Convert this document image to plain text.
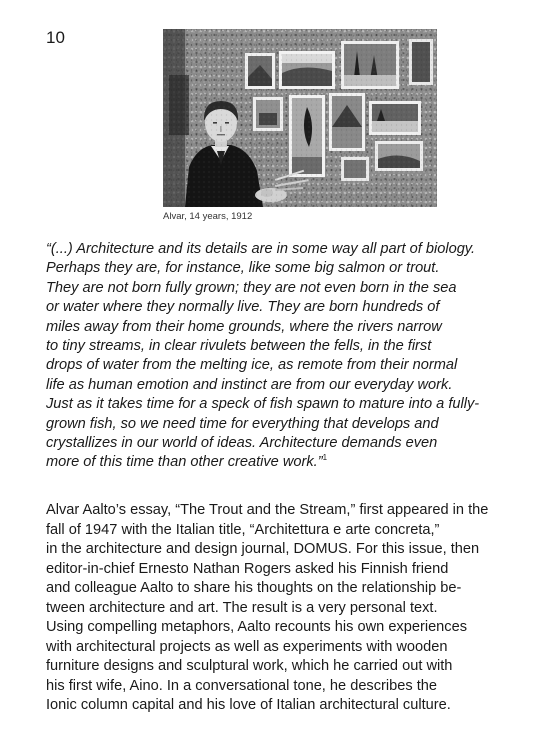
10
Alvar, 14 years, 1912

“(...) Architecture and its details are in some way all part of biology.
Perhaps they are, for instance, like some big salmon or trout.
They are not born fully grown; they are not even born in the sea
or water where they normally live. They are born hundreds of
miles away from their home grounds, where the rivers narrow
to tiny streams, in clear rivulets between the fells, in the first
drops of water from the melting ice, as remote from their normal
life as human emotion and instinct are from our everyday work.
Just as it takes time for a speck of fish spawn to mature into a fully-
grown fish, so we need time for everything that develops and
crystallizes in our world of ideas. Architecture demands even
more of this time than other creative work.”$^1$

Alvar Aalto’s essay, “The Trout and the Stream,” first appeared in the
fall of 1947 with the Italian title, “Architettura e arte concreta,”
in the architecture and design journal, DOMUS. For this issue, then
editor-in-chief Ernesto Nathan Rogers asked his Finnish friend
and colleague Aalto to share his thoughts on the relationship be-
tween architecture and art. The result is a very personal text.
Using compelling metaphors, Aalto recounts his own experiences
with architectural projects as well as experiments with wooden
furniture designs and sculptural work, which he carried out with
his first wife, Aino. In a conversational tone, he describes the
Ionic column capital and his love of Italian architectural culture.
